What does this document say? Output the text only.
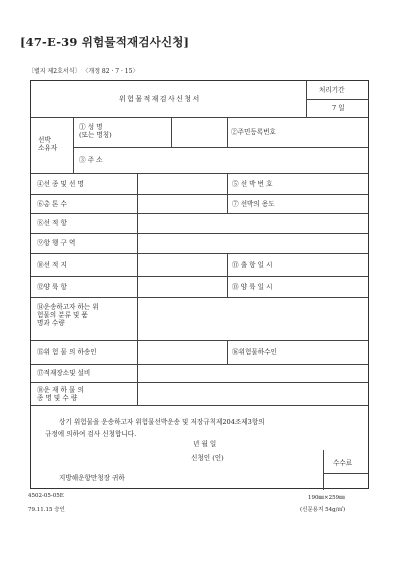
[47-E-39 위험물적재검사신청]
〔별지 제2호서식〕 〈개정 82 · 7 · 15〉
위험물적재검사신청서
처리기간
7 일
선박
소유자
① 성 명
(또는 명칭)	②주민등록번호
③ 주 소
④선 종 및 선 명	⑤ 선 박 번 호
⑥총 톤 수	⑦ 선박의 용도
⑧선 적 항
⑨항 행 구 역
⑩선 적 지	⑪ 출 항 일 시
⑫양 륙 항	⑬ 양 륙 일 시
⑭운송하고자 하는 위
험물의 분류 및 품
명과 수량
⑮위 험 물 의 하송인	⑯위험물하수인
⑰적재장소및 설비
⑱운 재 하 물 의
종 명 및 수 량
상기 위험물을 운송하고자 위험물선박운송 및 저장규칙제204조제3항의
규정에 의하여 검사 신청합니다.
년 월 일
신청인 (인)
지방해운항만청장 귀하
수수료
4502-05-05E
79.11.15 승인
190㎜×259㎜
(신문용지 54g/㎡)
